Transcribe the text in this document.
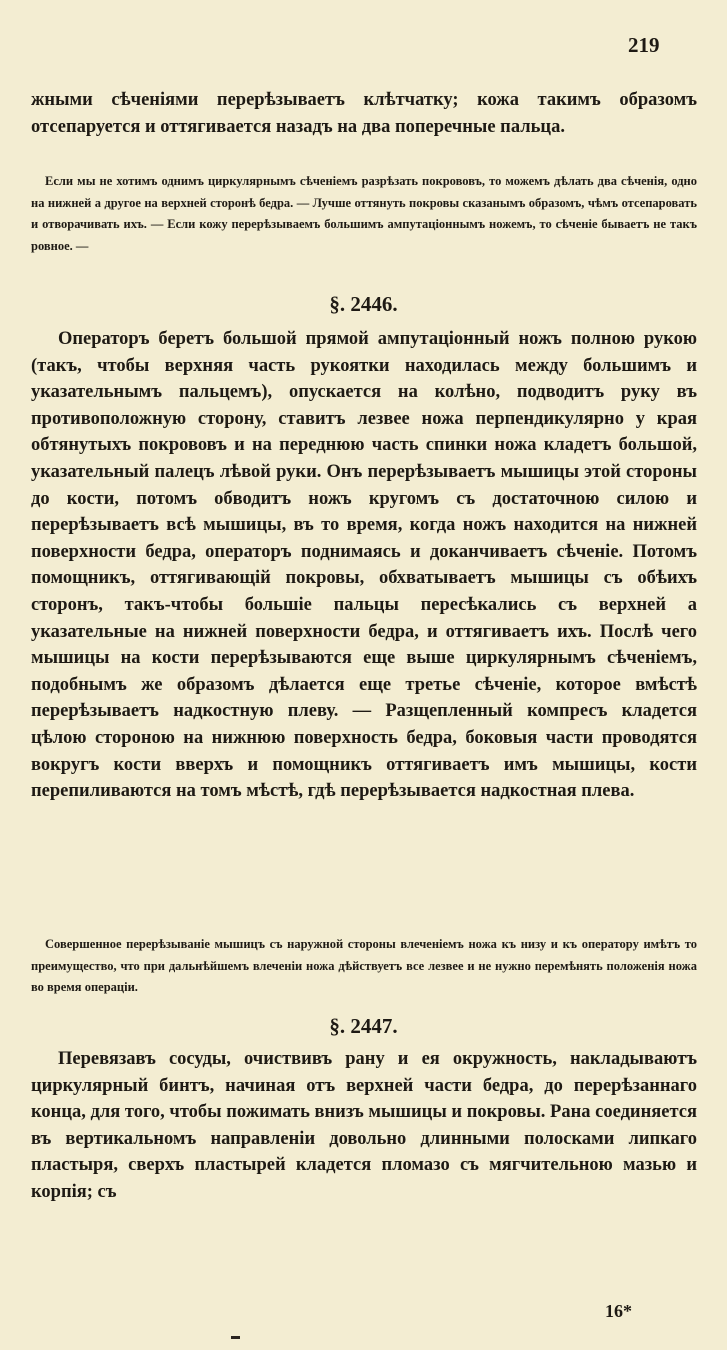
219

жными сѣченіями перерѣзываетъ клѣтчатку; кожа такимъ образомъ отсепаруется и оттягивается назадъ на два поперечные пальца.

Если мы не хотимъ однимъ циркулярнымъ сѣченіемъ разрѣзать покрововъ, то можемъ дѣлать два сѣченія, одно на нижней а другое на верхней сторонѣ бедра. — Лучше оттянуть покровы сказанымъ образомъ, чѣмъ отсепаровать и отворачивать ихъ. — Если кожу перерѣзываемъ большимъ ампутаціоннымъ ножемъ, то сѣченіе бываетъ не такъ ровное. —

§. 2446.

Операторъ беретъ большой прямой ампутаціонный ножъ полною рукою (такъ, чтобы верхняя часть рукоятки находилась между большимъ и указательнымъ пальцемъ), опускается на колѣно, подводитъ руку въ противоположную сторону, ставитъ лезвее ножа перпендикулярно у края обтянутыхъ покрововъ и на переднюю часть спинки ножа кладетъ большой, указательный палецъ лѣвой руки. Онъ перерѣзываетъ мышицы этой стороны до кости, потомъ обводитъ ножъ кругомъ съ достаточною силою и перерѣзываетъ всѣ мышицы, въ то время, когда ножъ находится на нижней поверхности бедра, операторъ поднимаясь и доканчиваетъ сѣченіе. Потомъ помощникъ, оттягивающій покровы, обхватываетъ мышицы съ обѣихъ сторонъ, такъ-чтобы большіе пальцы пересѣкались съ верхней а указательные на нижней поверхности бедра, и оттягиваетъ ихъ. Послѣ чего мышицы на кости перерѣзываются еще выше циркулярнымъ сѣченіемъ, подобнымъ же образомъ дѣлается еще третье сѣченіе, которое вмѣстѣ перерѣзываетъ надкостную плеву. — Разщепленный компресъ кладется цѣлою стороною на нижнюю поверхность бедра, боковыя части проводятся вокругъ кости вверхъ и помощникъ оттягиваетъ имъ мышицы, кости перепиливаются на томъ мѣстѣ, гдѣ перерѣзывается надкостная плева.

Совершенное перерѣзываніе мышицъ съ наружной стороны влеченіемъ ножа къ низу и къ оператору имѣтъ то преимущество, что при дальнѣйшемъ влеченіи ножа дѣйствуетъ все лезвее и не нужно перемѣнять положенія ножа во время операціи.

§. 2447.

Перевязавъ сосуды, очиствивъ рану и ея окружность, накладываютъ циркулярный бинтъ, начиная отъ верхней части бедра, до перерѣзаннаго конца, для того, чтобы пожимать внизъ мышицы и покровы. Рана соединяется въ вертикальномъ направленіи довольно длинными полосками липкаго пластыря, сверхъ пластырей кладется пломазо съ мягчительною мазью и корпія; съ

16*
